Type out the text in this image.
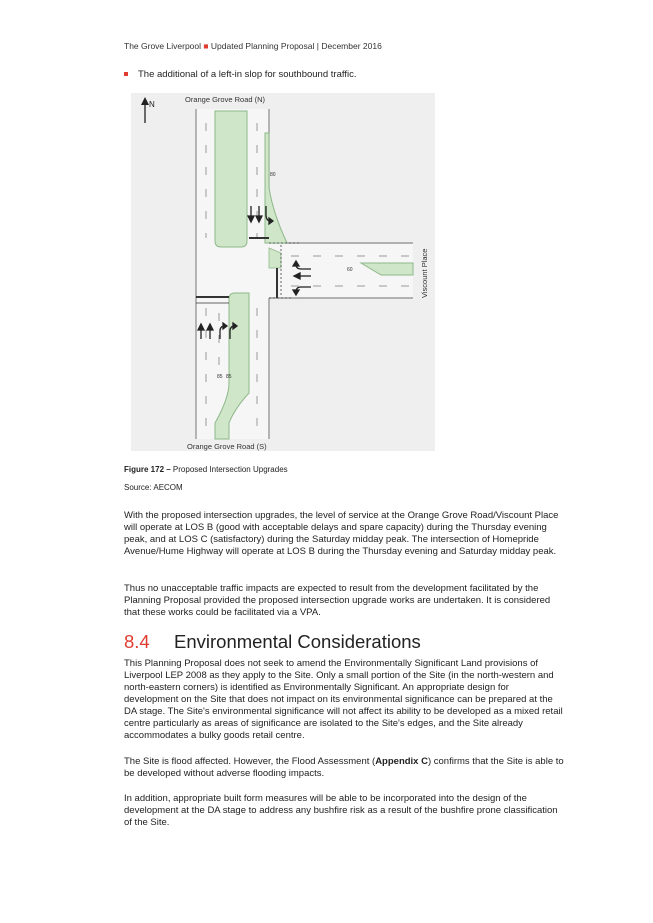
The Grove Liverpool ■ Updated Planning Proposal | December 2016
The additional of a left-in slop for southbound traffic.
N
Orange Grove Road (N)
Orange Grove Road (S)
Viscount Place
80
60
85 85
Figure 172 – Proposed Intersection Upgrades
Source: AECOM

With the proposed intersection upgrades, the level of service at the Orange Grove Road/Viscount Place will operate at LOS B (good with acceptable delays and spare capacity) during the Thursday evening peak, and at LOS C (satisfactory) during the Saturday midday peak. The intersection of Homepride Avenue/Hume Highway will operate at LOS B during the Thursday evening and Saturday midday peak.

Thus no unacceptable traffic impacts are expected to result from the development facilitated by the Planning Proposal provided the proposed intersection upgrade works are undertaken. It is considered that these works could be facilitated via a VPA.

8.4 Environmental Considerations

This Planning Proposal does not seek to amend the Environmentally Significant Land provisions of Liverpool LEP 2008 as they apply to the Site. Only a small portion of the Site (in the north-western and north-eastern corners) is identified as Environmentally Significant. An appropriate design for development on the Site that does not impact on its environmental significance can be prepared at the DA stage. The Site's environmental significance will not affect its ability to be developed as a mixed retail centre particularly as areas of significance are isolated to the Site's edges, and the Site already accommodates a bulky goods retail centre.

The Site is flood affected. However, the Flood Assessment (Appendix C) confirms that the Site is able to be developed without adverse flooding impacts.

In addition, appropriate built form measures will be able to be incorporated into the design of the development at the DA stage to address any bushfire risk as a result of the bushfire prone classification of the Site.
